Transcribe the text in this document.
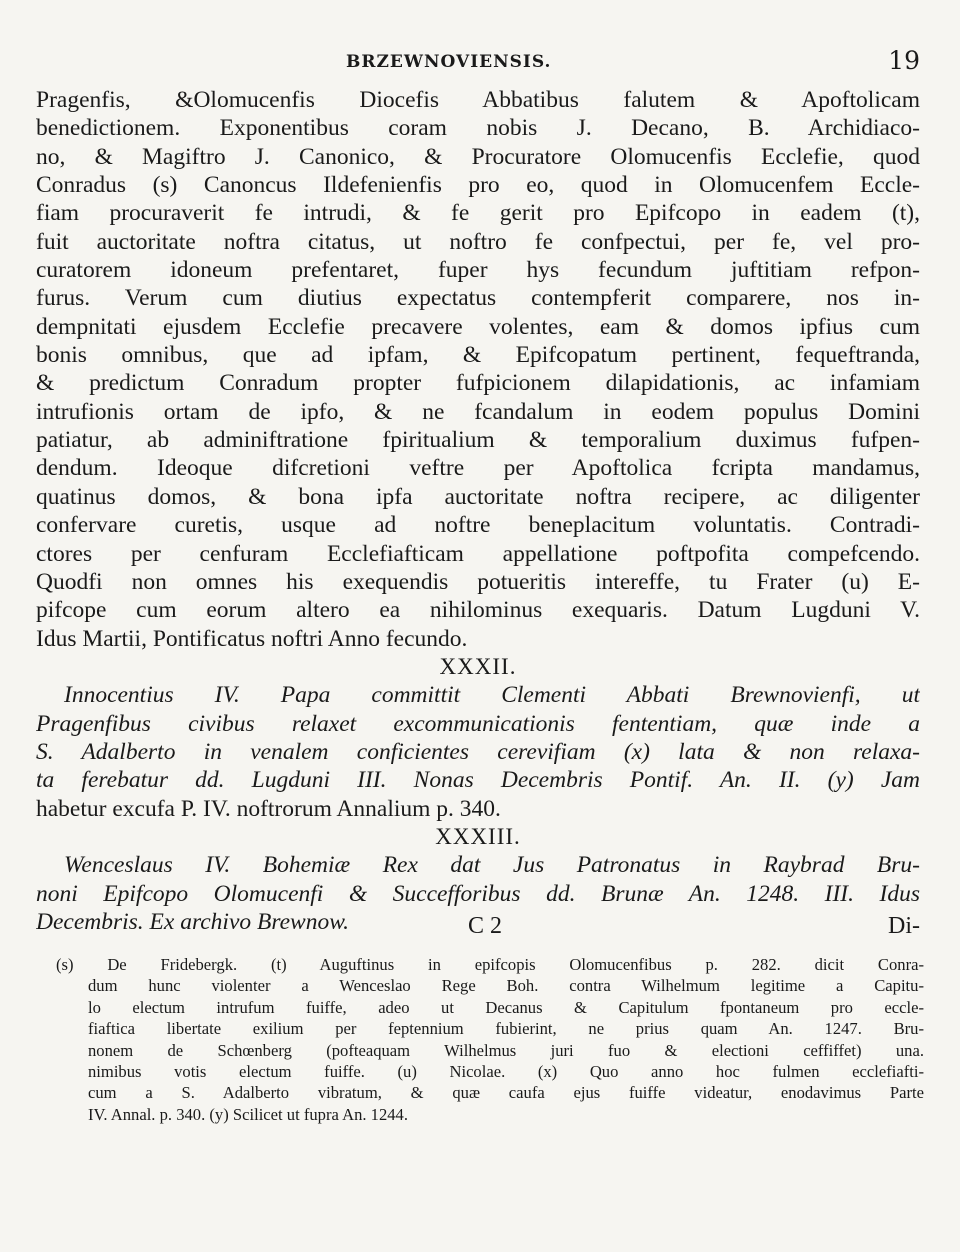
BRZEWNOVIENSIS.	19
Pragenfis, &Olomucenfis Diocefis Abbatibus falutem & Apoftolicam
benedictionem. Exponentibus coram nobis J. Decano, B. Archidiaco-
no, & Magiftro J. Canonico, & Procuratore Olomucenfis Ecclefie, quod
Conradus (s) Canoncus Ildefenienfis pro eo, quod in Olomucenfem Eccle-
fiam procuraverit fe intrudi, & fe gerit pro Epifcopo in eadem (t),
fuit auctoritate noftra citatus, ut noftro fe confpectui, per fe, vel pro-
curatorem idoneum prefentaret, fuper hys fecundum juftitiam refpon-
furus. Verum cum diutius expectatus contempferit comparere, nos in-
dempnitati ejusdem Ecclefie precavere volentes, eam & domos ipfius cum
bonis omnibus, que ad ipfam, & Epifcopatum pertinent, fequeftranda,
& predictum Conradum propter fufpicionem dilapidationis, ac infamiam
intrufionis ortam de ipfo, & ne fcandalum in eodem populus Domini
patiatur, ab adminiftratione fpiritualium & temporalium duximus fufpen-
dendum. Ideoque difcretioni veftre per Apoftolica fcripta mandamus,
quatinus domos, & bona ipfa auctoritate noftra recipere, ac diligenter
confervare curetis, usque ad noftre beneplacitum voluntatis. Contradi-
ctores per cenfuram Ecclefiafticam appellatione poftpofita compefcendo.
Quodfi non omnes his exequendis potueritis intereffe, tu Frater (u) E-
pifcope cum eorum altero ea nihilominus exequaris. Datum Lugduni V.
Idus Martii, Pontificatus noftri Anno fecundo.
XXXII.
Innocentius IV. Papa committit Clementi Abbati Brewnovienfi, ut
Pragenfibus civibus relaxet excommunicationis fententiam, quæ inde a
S. Adalberto in venalem conficientes cerevifiam (x) lata & non relaxa-
ta ferebatur dd. Lugduni III. Nonas Decembris Pontif. An. II. (y) Jam
habetur excufa P. IV. noftrorum Annalium p. 340.
XXXIII.
Wenceslaus IV. Bohemiæ Rex dat Jus Patronatus in Raybrad Bru-
noni Epifcopo Olomucenfi & Succefforibus dd. Brunæ An. 1248. III. Idus
Decembris. Ex archivo Brewnow.	C 2	Di-
(s) De Fridebergk. (t) Auguftinus in epifcopis Olomucenfibus p. 282. dicit Conra-
dum hunc violenter a Wenceslao Rege Boh. contra Wilhelmum legitime a Capitu-
lo electum intrufum fuiffe, adeo ut Decanus & Capitulum fpontaneum pro eccle-
fiaftica libertate exilium per feptennium fubierint, ne prius quam An. 1247. Bru-
nonem de Schœnberg (pofteaquam Wilhelmus juri fuo & electioni ceffiffet) una.
nimibus votis electum fuiffe. (u) Nicolae. (x) Quo anno hoc fulmen ecclefiafti-
cum a S. Adalberto vibratum, & quæ caufa ejus fuiffe videatur, enodavimus Parte
IV. Annal. p. 340. (y) Scilicet ut fupra An. 1244.
